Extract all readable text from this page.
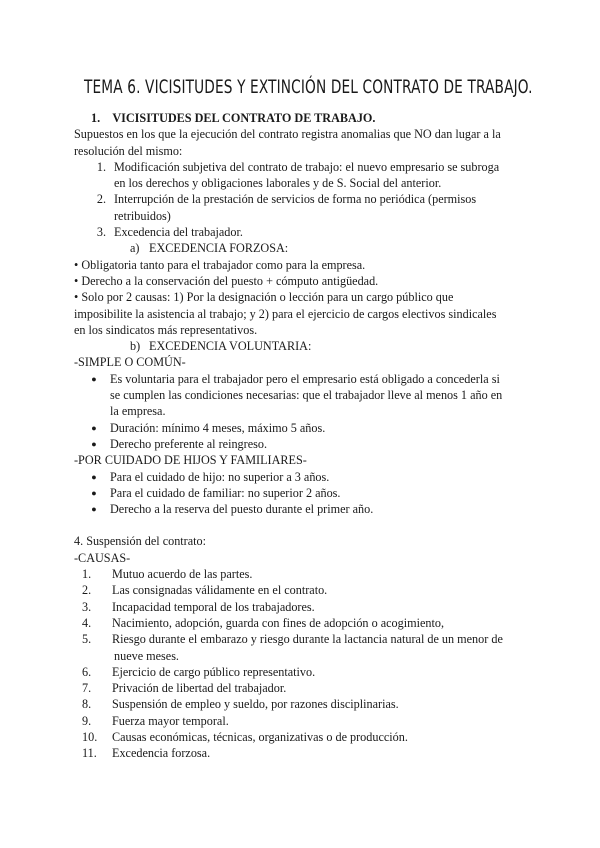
TEMA 6. VICISITUDES Y EXTINCIÓN DEL CONTRATO DE TRABAJO.
1. VICISITUDES DEL CONTRATO DE TRABAJO.
Supuestos en los que la ejecución del contrato registra anomalias que NO dan lugar a la
resolución del mismo:
1. Modificación subjetiva del contrato de trabajo: el nuevo empresario se subroga
en los derechos y obligaciones laborales y de S. Social del anterior.
2. Interrupción de la prestación de servicios de forma no periódica (permisos
retribuidos)
3. Excedencia del trabajador.
a) EXCEDENCIA FORZOSA:
• Obligatoria tanto para el trabajador como para la empresa.
• Derecho a la conservación del puesto + cómputo antigüedad.
• Solo por 2 causas: 1) Por la designación o lección para un cargo público que
imposibilite la asistencia al trabajo; y 2) para el ejercicio de cargos electivos sindicales
en los sindicatos más representativos.
b) EXCEDENCIA VOLUNTARIA:
-SIMPLE O COMÚN-
● Es voluntaria para el trabajador pero el empresario está obligado a concederla si
se cumplen las condiciones necesarias: que el trabajador lleve al menos 1 año en
la empresa.
● Duración: mínimo 4 meses, máximo 5 años.
● Derecho preferente al reingreso.
-POR CUIDADO DE HIJOS Y FAMILIARES-
● Para el cuidado de hijo: no superior a 3 años.
● Para el cuidado de familiar: no superior 2 años.
● Derecho a la reserva del puesto durante el primer año.
4. Suspensión del contrato:
-CAUSAS-
1. Mutuo acuerdo de las partes.
2. Las consignadas válidamente en el contrato.
3. Incapacidad temporal de los trabajadores.
4. Nacimiento, adopción, guarda con fines de adopción o acogimiento,
5. Riesgo durante el embarazo y riesgo durante la lactancia natural de un menor de
nueve meses.
6. Ejercicio de cargo público representativo.
7. Privación de libertad del trabajador.
8. Suspensión de empleo y sueldo, por razones disciplinarias.
9. Fuerza mayor temporal.
10. Causas económicas, técnicas, organizativas o de producción.
11. Excedencia forzosa.
